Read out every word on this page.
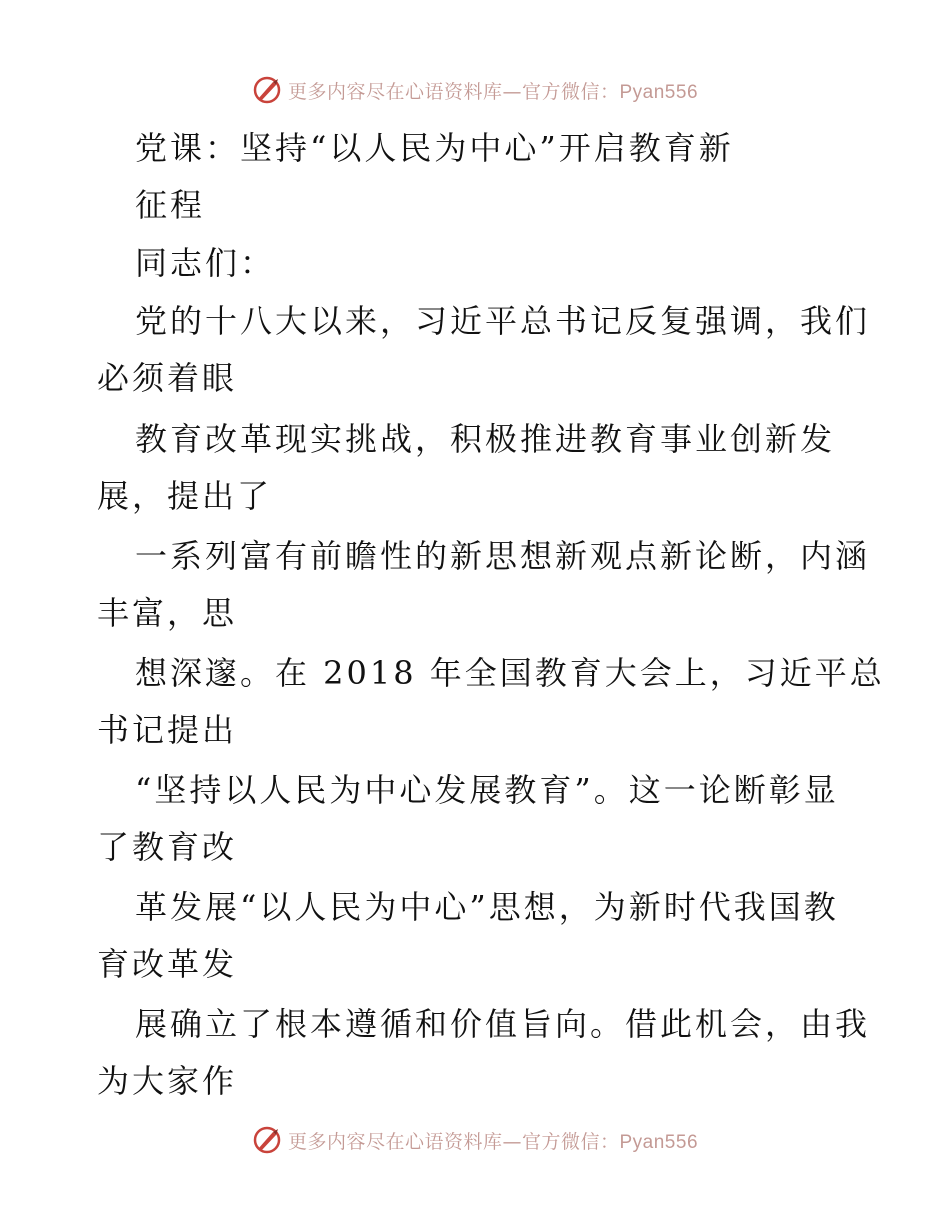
更多内容尽在心语资料库—官方微信：Pyan556
党课：坚持“以人民为中心”开启教育新
征程
同志们：
党的十八大以来，习近平总书记反复强调，我们
必须着眼
教育改革现实挑战，积极推进教育事业创新发
展，提出了
一系列富有前瞻性的新思想新观点新论断，内涵
丰富，思
想深邃。在 2018 年全国教育大会上，习近平总
书记提出
“坚持以人民为中心发展教育”。这一论断彰显
了教育改
革发展“以人民为中心”思想，为新时代我国教
育改革发
展确立了根本遵循和价值旨向。借此机会，由我
为大家作
更多内容尽在心语资料库—官方微信：Pyan556
